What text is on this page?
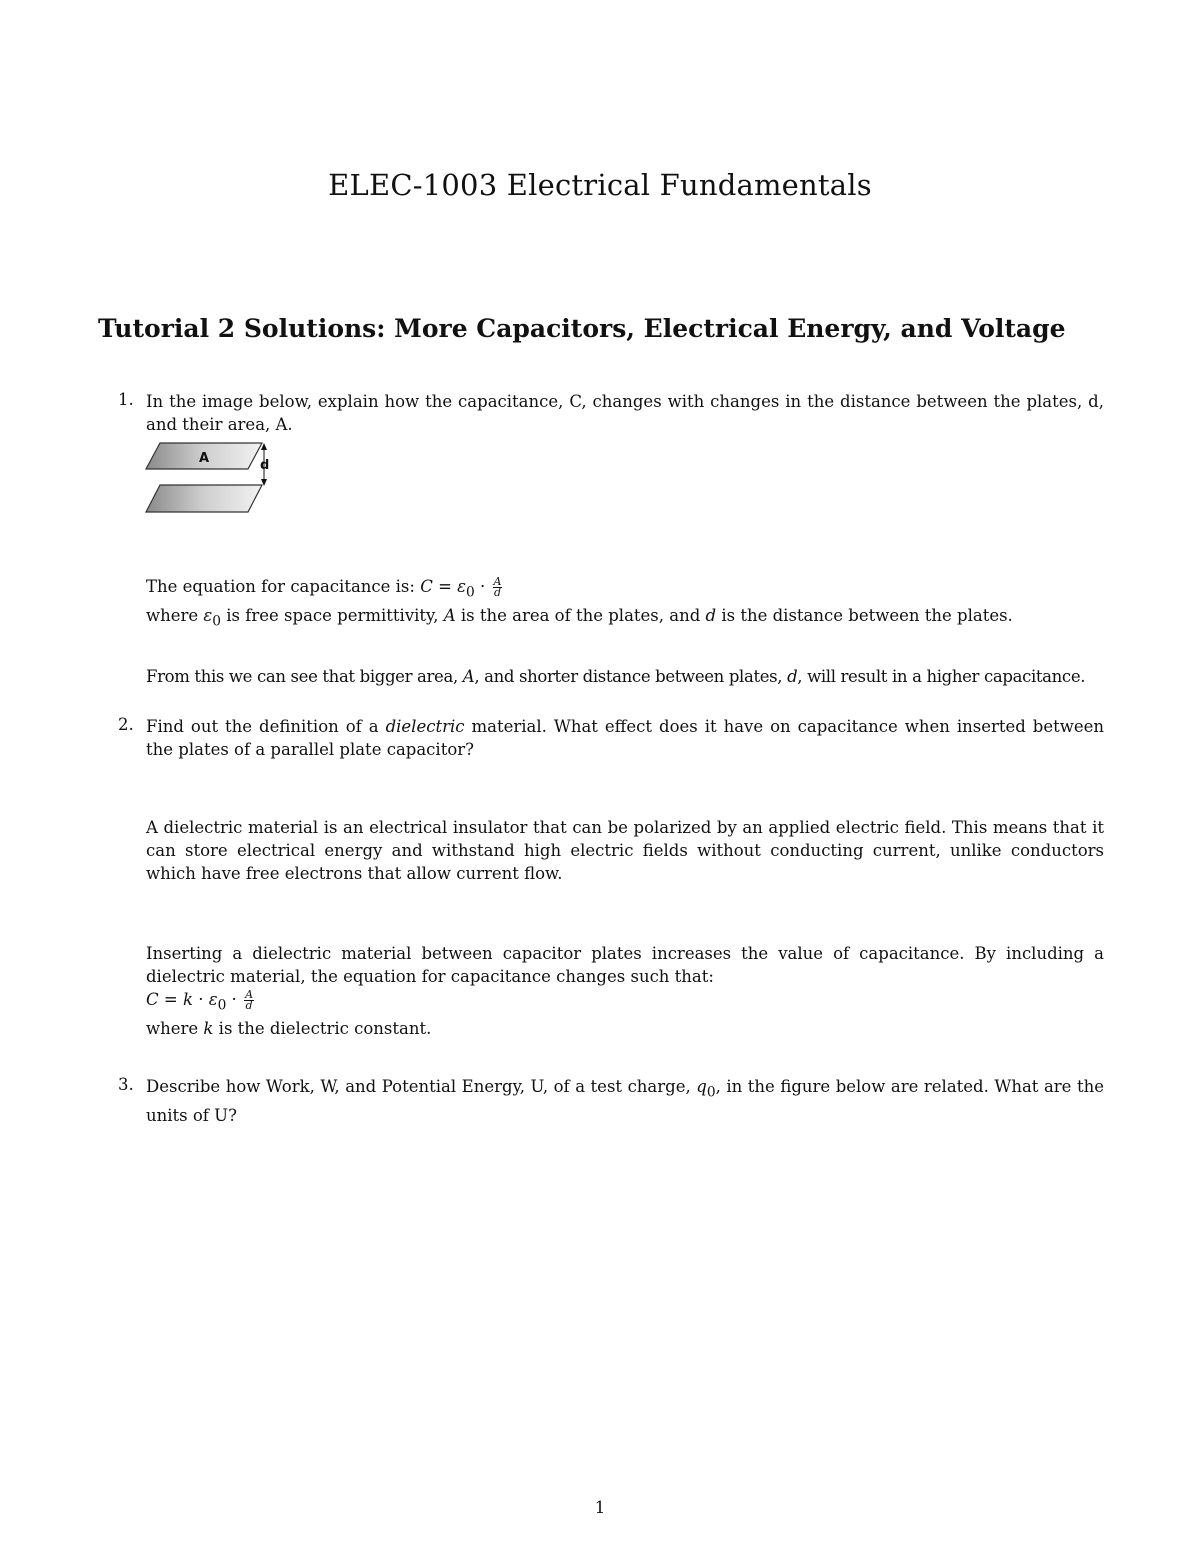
ELEC-1003 Electrical Fundamentals
Tutorial 2 Solutions: More Capacitors, Electrical Energy, and Voltage
1. In the image below, explain how the capacitance, C, changes with changes in the distance between the plates, d, and their area, A.
A	d

The equation for capacitance is: $C = \varepsilon_0 \cdot \frac{A}{d}$

where $\varepsilon_0$ is free space permittivity, A is the area of the plates, and d is the distance between the plates.

From this we can see that bigger area, A, and shorter distance between plates, d, will result in a higher capacitance.

2. Find out the definition of a dielectric material. What effect does it have on capacitance when inserted between the plates of a parallel plate capacitor?
A dielectric material is an electrical insulator that can be polarized by an applied electric field. This means that it can store electrical energy and withstand high electric fields without conducting current, unlike conductors which have free electrons that allow current flow.

Inserting a dielectric material between capacitor plates increases the value of capacitance. By including a dielectric material, the equation for capacitance changes such that:

$C = k \cdot \varepsilon_0 \cdot \frac{A}{d}$

where k is the dielectric constant.

3. Describe how Work, W, and Potential Energy, U, of a test charge, $q_0$, in the figure below are related. What are the units of U?
1
